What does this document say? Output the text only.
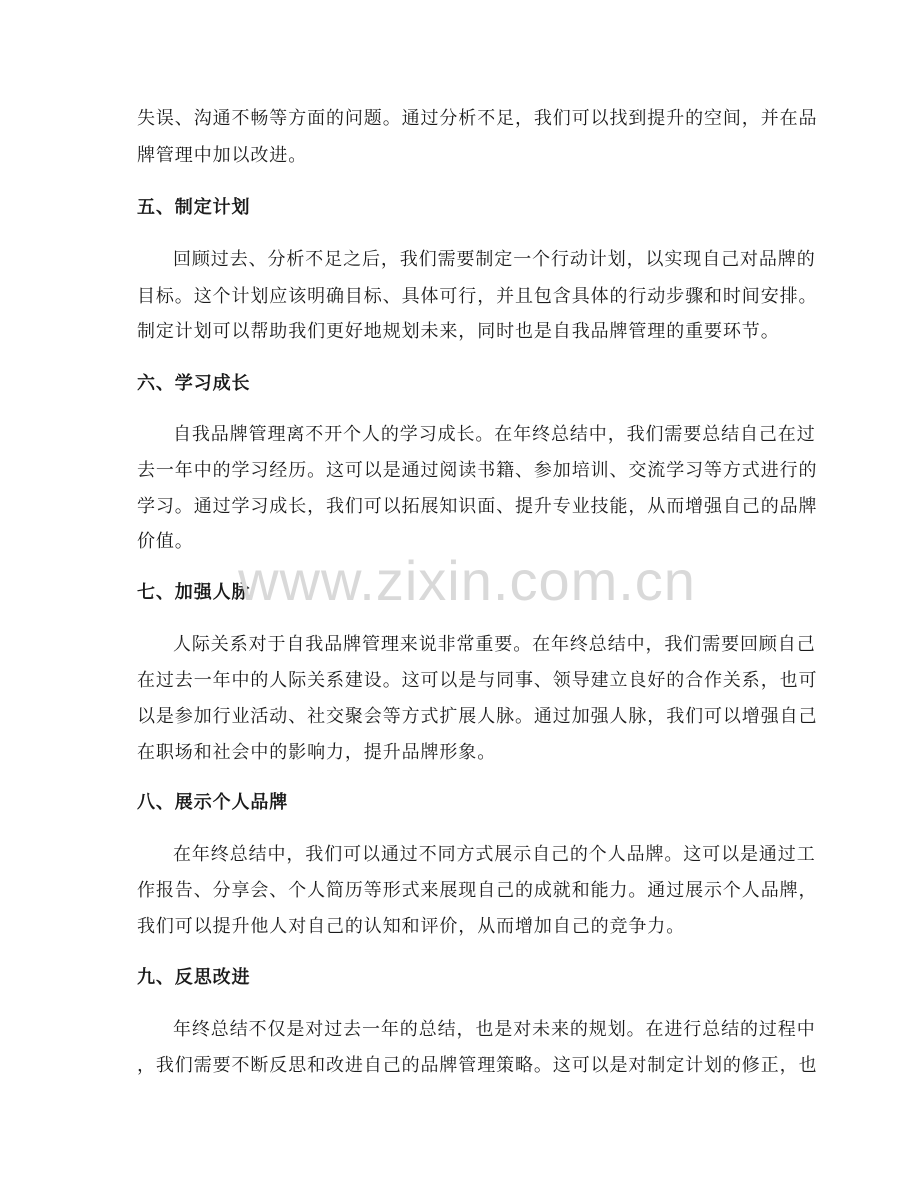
失误、沟通不畅等方面的问题。通过分析不足，我们可以找到提升的空间，并在品

牌管理中加以改进。

五、制定计划

回顾过去、分析不足之后，我们需要制定一个行动计划，以实现自己对品牌的

目标。这个计划应该明确目标、具体可行，并且包含具体的行动步骤和时间安排。

制定计划可以帮助我们更好地规划未来，同时也是自我品牌管理的重要环节。

六、学习成长

自我品牌管理离不开个人的学习成长。在年终总结中，我们需要总结自己在过

去一年中的学习经历。这可以是通过阅读书籍、参加培训、交流学习等方式进行的

学习。通过学习成长，我们可以拓展知识面、提升专业技能，从而增强自己的品牌

价值。

七、加强人脉

人际关系对于自我品牌管理来说非常重要。在年终总结中，我们需要回顾自己

在过去一年中的人际关系建设。这可以是与同事、领导建立良好的合作关系，也可

以是参加行业活动、社交聚会等方式扩展人脉。通过加强人脉，我们可以增强自己

在职场和社会中的影响力，提升品牌形象。

八、展示个人品牌

在年终总结中，我们可以通过不同方式展示自己的个人品牌。这可以是通过工

作报告、分享会、个人简历等形式来展现自己的成就和能力。通过展示个人品牌，

我们可以提升他人对自己的认知和评价，从而增加自己的竞争力。

九、反思改进

年终总结不仅是对过去一年的总结，也是对未来的规划。在进行总结的过程中

，我们需要不断反思和改进自己的品牌管理策略。这可以是对制定计划的修正，也

www.zixin.com.cn
